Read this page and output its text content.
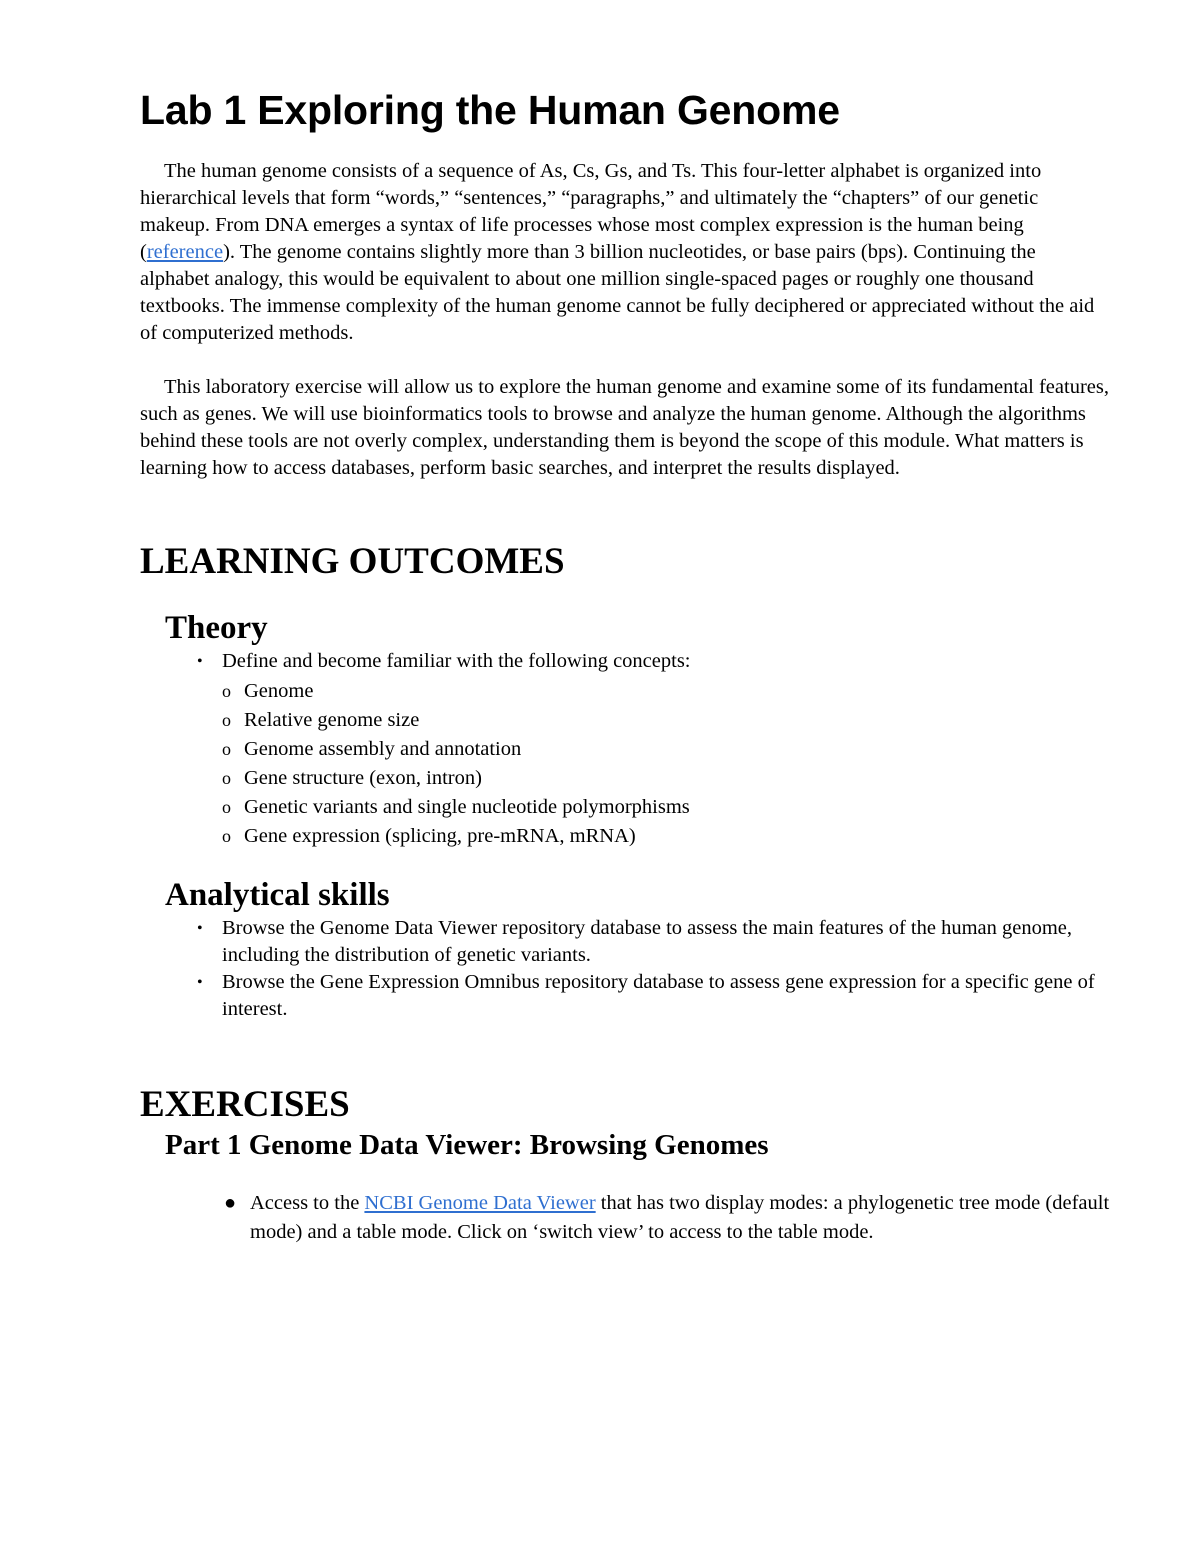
Lab 1 Exploring the Human Genome

The human genome consists of a sequence of As, Cs, Gs, and Ts. This four-letter alphabet is organized into hierarchical levels that form “words,” “sentences,” “paragraphs,” and ultimately the “chapters” of our genetic makeup. From DNA emerges a syntax of life processes whose most complex expression is the human being (reference). The genome contains slightly more than 3 billion nucleotides, or base pairs (bps). Continuing the alphabet analogy, this would be equivalent to about one million single-spaced pages or roughly one thousand textbooks. The immense complexity of the human genome cannot be fully deciphered or appreciated without the aid of computerized methods.

This laboratory exercise will allow us to explore the human genome and examine some of its fundamental features, such as genes. We will use bioinformatics tools to browse and analyze the human genome. Although the algorithms behind these tools are not overly complex, understanding them is beyond the scope of this module. What matters is learning how to access databases, perform basic searches, and interpret the results displayed.

LEARNING OUTCOMES
Theory
• Define and become familiar with the following concepts:
o Genome
o Relative genome size
o Genome assembly and annotation
o Gene structure (exon, intron)
o Genetic variants and single nucleotide polymorphisms
o Gene expression (splicing, pre-mRNA, mRNA)
Analytical skills
• Browse the Genome Data Viewer repository database to assess the main features of the human genome, including the distribution of genetic variants.
• Browse the Gene Expression Omnibus repository database to assess gene expression for a specific gene of interest.
EXERCISES
Part 1 Genome Data Viewer: Browsing Genomes
● Access to the NCBI Genome Data Viewer that has two display modes: a phylogenetic tree mode (default mode) and a table mode. Click on ‘switch view’ to access to the table mode.
